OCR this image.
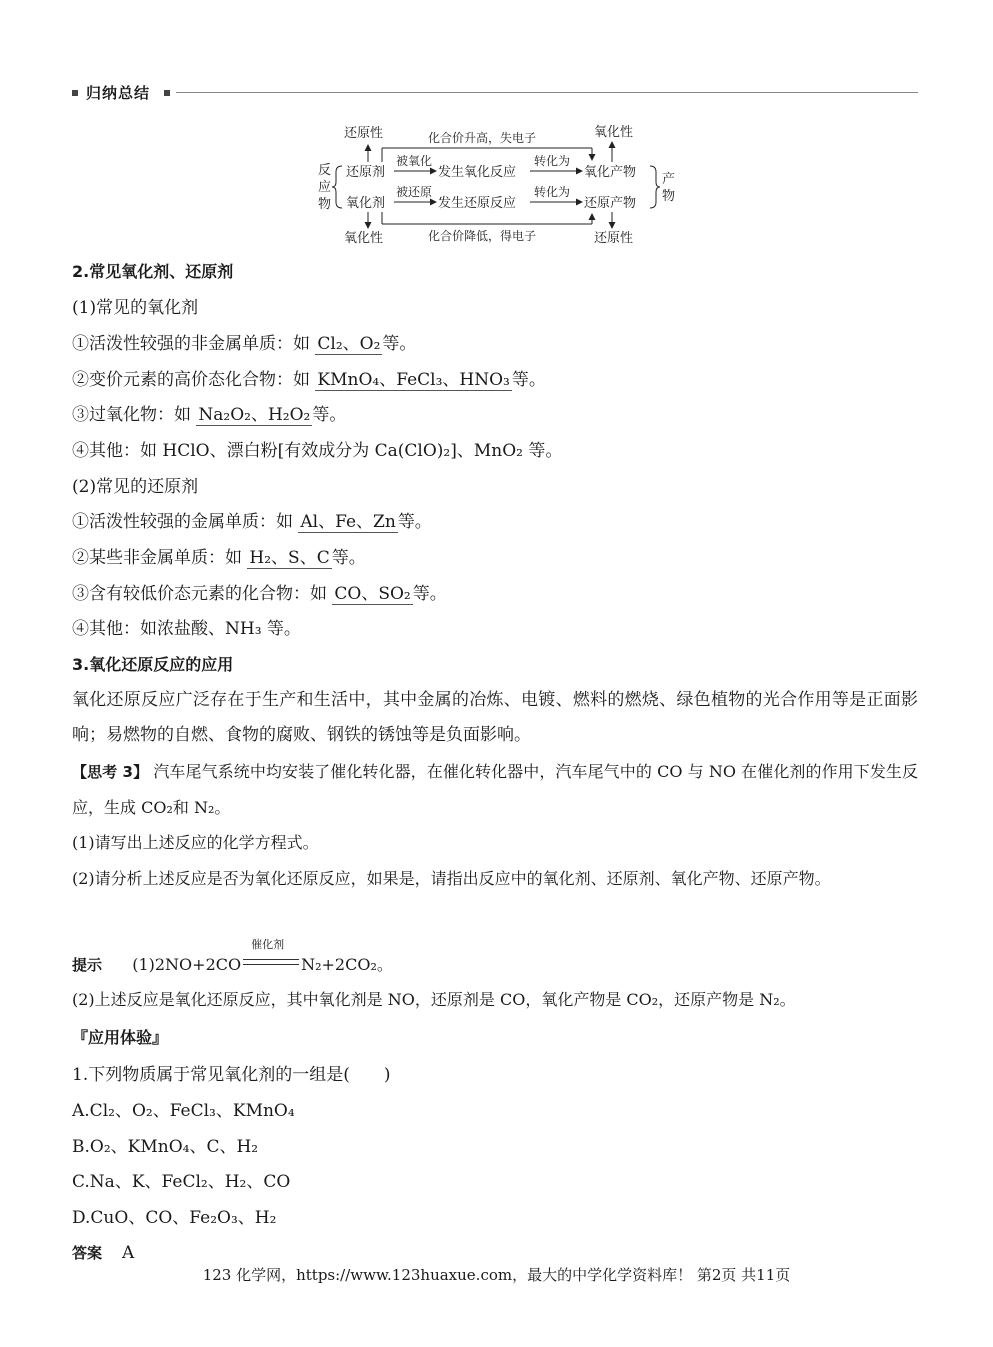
归纳总结
还原性	化合价升高，失电子	氧化性
反
应
物
还原剂
氧化剂
被氧化
被还原
发生氧化反应
发生还原反应
转化为
转化为
氧化产物
还原产物
产
物
氧化性	化合价降低，得电子	还原性
2.常见氧化剂、还原剂
(1)常见的氧化剂
①活泼性较强的非金属单质：如 Cl₂、O₂ 等。
②变价元素的高价态化合物：如 KMnO₄、FeCl₃、HNO₃ 等。
③过氧化物：如 Na₂O₂、H₂O₂ 等。
④其他：如 HClO、漂白粉[有效成分为 Ca(ClO)₂]、MnO₂ 等。
(2)常见的还原剂
①活泼性较强的金属单质：如 Al、Fe、Zn 等。
②某些非金属单质：如 H₂、S、C 等。
③含有较低价态元素的化合物：如 CO、SO₂ 等。
④其他：如浓盐酸、NH₃ 等。
3.氧化还原反应的应用
氧化还原反应广泛存在于生产和生活中，其中金属的冶炼、电镀、燃料的燃烧、绿色植物的光合作用等是正面影响；易燃物的自燃、食物的腐败、钢铁的锈蚀等是负面影响。
【思考 3】 汽车尾气系统中均安装了催化转化器，在催化转化器中，汽车尾气中的 CO 与 NO 在催化剂的作用下发生反应，生成 CO₂和 N₂。
(1)请写出上述反应的化学方程式。
(2)请分析上述反应是否为氧化还原反应，如果是，请指出反应中的氧化剂、还原剂、氧化产物、还原产物。
提示 (1)2NO+2CO
催化剂
N₂+2CO₂。
(2)上述反应是氧化还原反应，其中氧化剂是 NO，还原剂是 CO，氧化产物是 CO₂，还原产物是 N₂。
『应用体验』
1.下列物质属于常见氧化剂的一组是(　　)
A.Cl₂、O₂、FeCl₃、KMnO₄
B.O₂、KMnO₄、C、H₂
C.Na、K、FeCl₂、H₂、CO
D.CuO、CO、Fe₂O₃、H₂
答案 A
123 化学网，https://www.123huaxue.com，最大的中学化学资料库！ 第2页 共11页
